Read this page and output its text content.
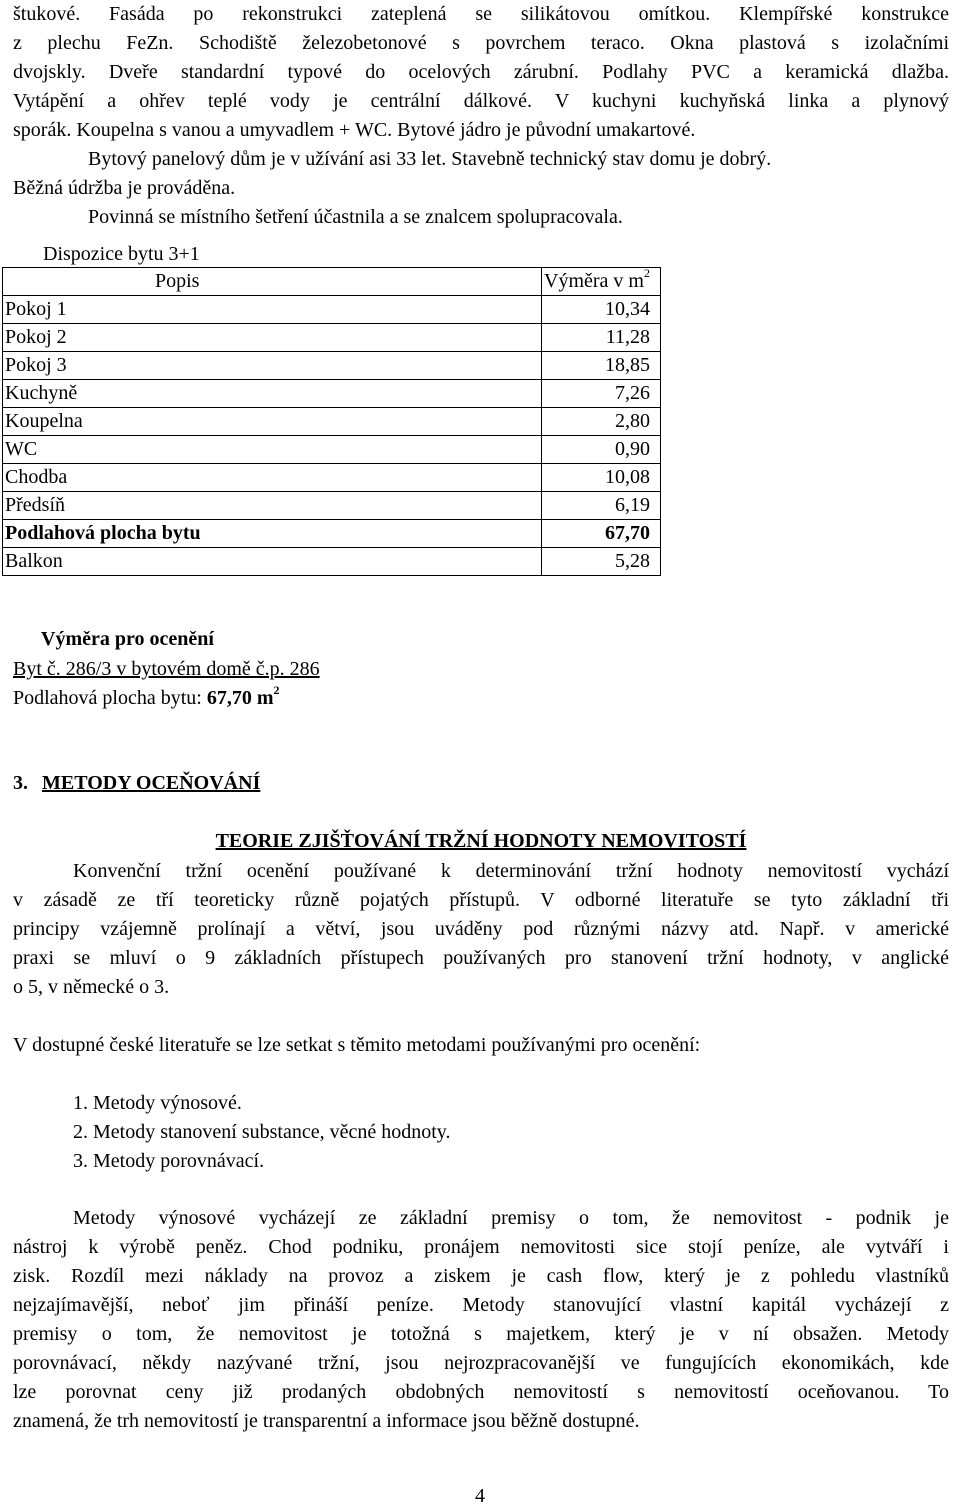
štukové. Fasáda po rekonstrukci zateplená se silikátovou omítkou. Klempířské konstrukce

z plechu FeZn. Schodiště železobetonové s povrchem teraco. Okna plastová s izolačními

dvojskly. Dveře standardní typové do ocelových zárubní. Podlahy PVC a keramická dlažba.

Vytápění a ohřev teplé vody je centrální dálkové. V kuchyni kuchyňská linka a plynový

sporák. Koupelna s vanou a umyvadlem + WC. Bytové jádro je původní umakartové.

Bytový panelový dům je v užívání asi 33 let. Stavebně technický stav domu je dobrý.

Běžná údržba je prováděna.

Povinná se místního šetření účastnila a se znalcem spolupracovala.

Dispozice bytu 3+1
Popis	Výměra v $m^2$
Pokoj 1	10,34
Pokoj 2	11,28
Pokoj 3	18,85
Kuchyně	7,26
Koupelna	2,80
WC	0,90
Chodba	10,08
Předsíň	6,19
Podlahová plocha bytu	67,70
Balkon	5,28
Výměra pro ocenění
Byt č. 286/3 v bytovém domě č.p. 286
Podlahová plocha bytu: 67,70 $m^2$
3. METODY OCEŇOVÁNÍ
TEORIE ZJIŠŤOVÁNÍ TRŽNÍ HODNOTY NEMOVITOSTÍ

Konvenční tržní ocenění používané k determinování tržní hodnoty nemovitostí vychází

v zásadě ze tří teoreticky různě pojatých přístupů. V odborné literatuře se tyto základní tři

principy vzájemně prolínají a větví, jsou uváděny pod různými názvy atd. Např. v americké

praxi se mluví o 9 základních přístupech používaných pro stanovení tržní hodnoty, v anglické

o 5, v německé o 3.

V dostupné české literatuře se lze setkat s těmito metodami používanými pro ocenění:

1. Metody výnosové.

2. Metody stanovení substance, věcné hodnoty.

3. Metody porovnávací.

Metody výnosové vycházejí ze základní premisy o tom, že nemovitost - podnik je

nástroj k výrobě peněz. Chod podniku, pronájem nemovitosti sice stojí peníze, ale vytváří i

zisk. Rozdíl mezi náklady na provoz a ziskem je cash flow, který je z pohledu vlastníků

nejzajímavější, neboť jim přináší peníze. Metody stanovující vlastní kapitál vycházejí z

premisy o tom, že nemovitost je totožná s majetkem, který je v ní obsažen. Metody

porovnávací, někdy nazývané tržní, jsou nejrozpracovanější ve fungujících ekonomikách, kde

lze porovnat ceny již prodaných obdobných nemovitostí s nemovitostí oceňovanou. To

znamená, že trh nemovitostí je transparentní a informace jsou běžně dostupné.

4
